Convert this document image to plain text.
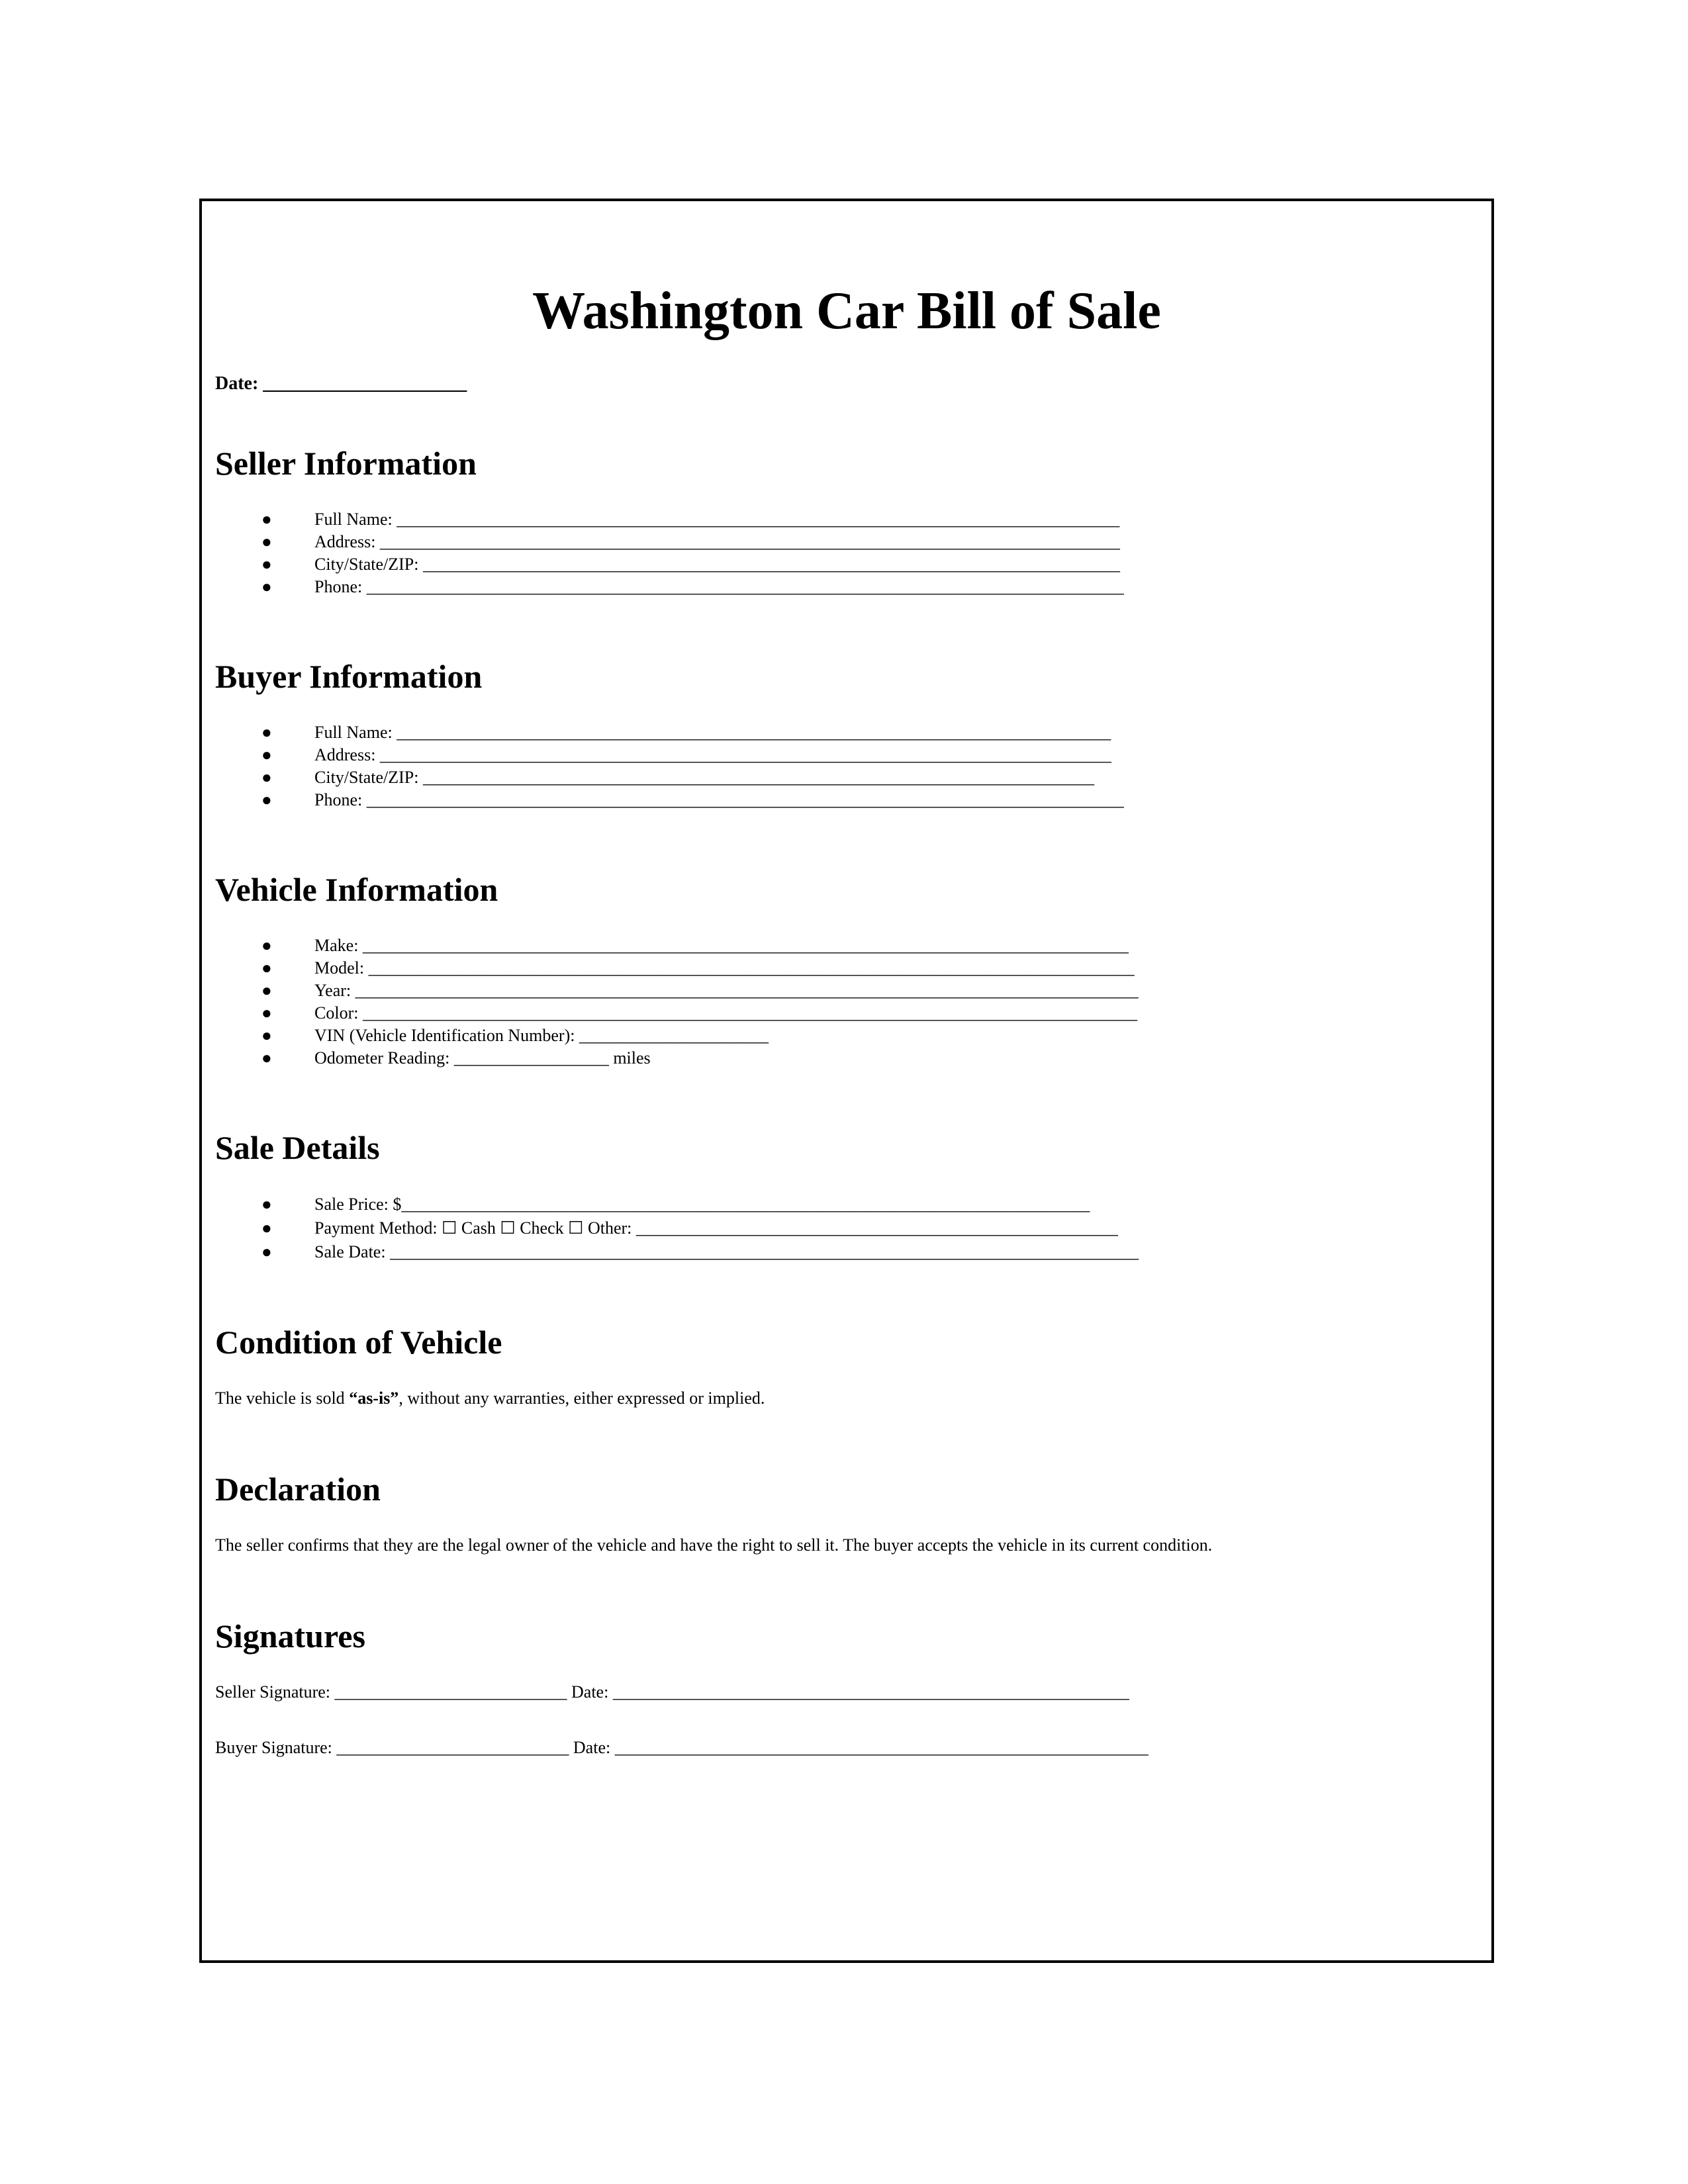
Washington Car Bill of Sale
Date: ______________________
Seller Information
● Full Name: ____________________________________________________________________________________
● Address: ______________________________________________________________________________________
● City/State/ZIP: _________________________________________________________________________________
● Phone: ________________________________________________________________________________________
Buyer Information
● Full Name: ___________________________________________________________________________________
● Address: _____________________________________________________________________________________
● City/State/ZIP: ______________________________________________________________________________
● Phone: ________________________________________________________________________________________
Vehicle Information
● Make: _________________________________________________________________________________________
● Model: _________________________________________________________________________________________
● Year: ___________________________________________________________________________________________
● Color: __________________________________________________________________________________________
● VIN (Vehicle Identification Number): ______________________
● Odometer Reading: __________________ miles
Sale Details
● Sale Price: $________________________________________________________________________________
● Payment Method: ☐ Cash ☐ Check ☐ Other: ________________________________________________________
● Sale Date: _______________________________________________________________________________________
Condition of Vehicle

The vehicle is sold “as-is”, without any warranties, either expressed or implied.

Declaration

The seller confirms that they are the legal owner of the vehicle and have the right to sell it. The buyer accepts the vehicle in its current condition.

Signatures
Seller Signature: ___________________________ Date: ____________________________________________________________
Buyer Signature: ___________________________ Date: ______________________________________________________________
